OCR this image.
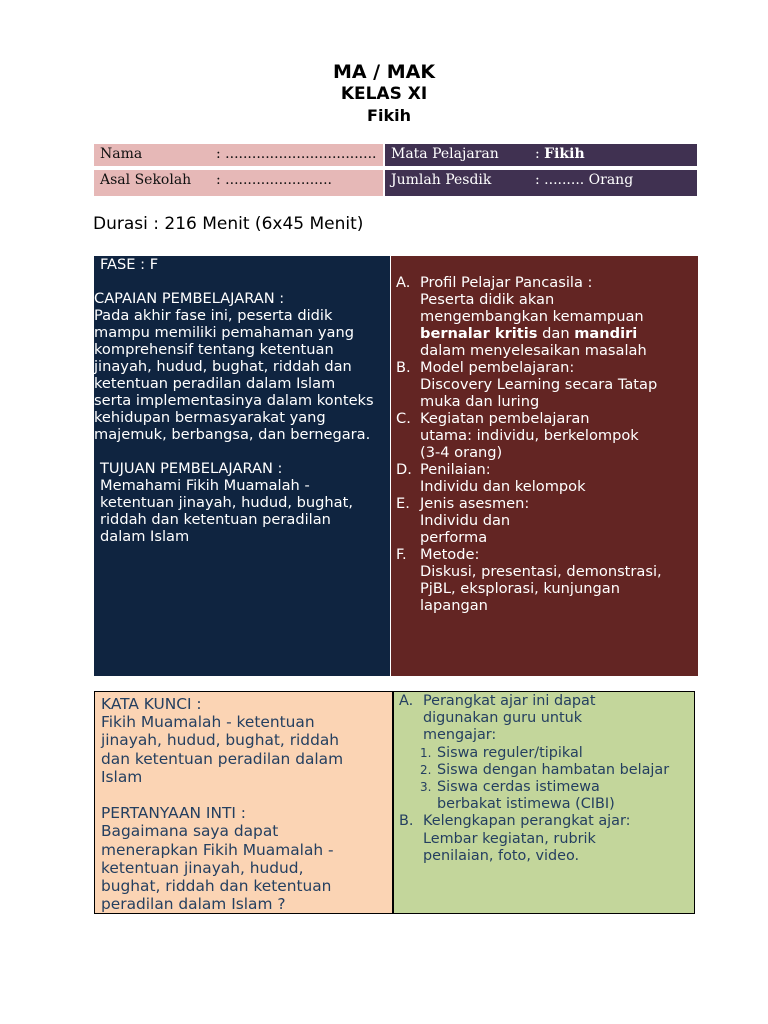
MA / MAK
KELAS XI
Fikih
Nama	: .................................. Mata Pelajaran	: Fikih
Asal Sekolah : ........................	Jumlah Pesdik	: ......... Orang
Durasi : 216 Menit (6x45 Menit)

FASE : F

CAPAIAN PEMBELAJARAN :

Pada akhir fase ini, peserta didik

mampu memiliki pemahaman yang

komprehensif tentang ketentuan

jinayah, hudud, bughat, riddah dan

ketentuan peradilan dalam Islam

serta implementasinya dalam konteks

kehidupan bermasyarakat yang

majemuk, berbangsa, dan bernegara.

TUJUAN PEMBELAJARAN :

Memahami Fikih Muamalah -

ketentuan jinayah, hudud, bughat,

riddah dan ketentuan peradilan

dalam Islam

A. Profil Pelajar Pancasila :

Peserta didik akan

mengembangkan kemampuan

bernalar kritis dan mandiri

dalam menyelesaikan masalah

B. Model pembelajaran:

Discovery Learning secara Tatap

muka dan luring

C. Kegiatan pembelajaran

utama: individu, berkelompok

(3-4 orang)

D. Penilaian:

Individu dan kelompok

E. Jenis asesmen:

Individu dan

performa

F. Metode:

Diskusi, presentasi, demonstrasi,

PjBL, eksplorasi, kunjungan

lapangan

KATA KUNCI :

Fikih Muamalah - ketentuan

jinayah, hudud, bughat, riddah

dan ketentuan peradilan dalam

Islam

PERTANYAAN INTI :

Bagaimana saya dapat

menerapkan Fikih Muamalah -

ketentuan jinayah, hudud,

bughat, riddah dan ketentuan

peradilan dalam Islam ?

A. Perangkat ajar ini dapat

digunakan guru untuk

mengajar:

1. Siswa reguler/tipikal

2. Siswa dengan hambatan belajar

3. Siswa cerdas istimewa

berbakat istimewa (CIBI)

B. Kelengkapan perangkat ajar:

Lembar kegiatan, rubrik

penilaian, foto, video.
